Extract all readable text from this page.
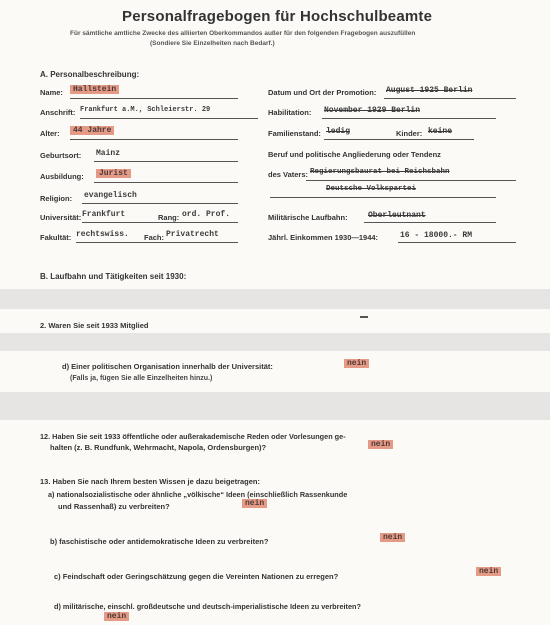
Personalfragebogen für Hochschulbeamte
Für sämtliche amtliche Zwecke des alliierten Oberkommandos außer für den folgenden Fragebogen auszufüllen
(Sondiere Sie Einzelheiten nach Bedarf.)
A. Personalbeschreibung:
Name:	Hallstein
Anschrift: Frankfurt a.M., Schleierstr. 29
Alter:	44 Jahre
Geburtsort: Mainz
Ausbildung:	Jurist
Religion: evangelisch
Universität: Frankfurt	Rang: ord. Prof.
Fakultät: rechtswiss. Fach: Privatrecht
Datum und Ort der Promotion: August 1925 Berlin
Habilitation: November 1929 Berlin
Familienstand: ledig	Kinder: keine
Beruf und politische Angliederung oder Tendenz
des Vaters: Regierungsbaurat bei Reichsbahn
Deutsche Volkspartei
Militärische Laufbahn:	Oberleutnant
Jährl. Einkommen 1930—1944:	16 - 18000.- RM
B. Laufbahn und Tätigkeiten seit 1930:
2. Waren Sie seit 1933 Mitglied
d) Einer politischen Organisation innerhalb der Universität:	nein
(Falls ja, fügen Sie alle Einzelheiten hinzu.)
12. Haben Sie seit 1933 öffentliche oder außerakademische Reden oder Vorlesungen ge-
halten (z. B. Rundfunk, Wehrmacht, Napola, Ordensburgen)?	nein
13. Haben Sie nach Ihrem besten Wissen je dazu beigetragen:
a) nationalsozialistische oder ähnliche „völkische“ Ideen (einschließlich Rassenkunde
und Rassenhaß) zu verbreiten?	nein
b) faschistische oder antidemokratische Ideen zu verbreiten?	nein
c) Feindschaft oder Geringschätzung gegen die Vereinten Nationen zu erregen?
nein
d) militärische, einschl. großdeutsche und deutsch-imperialistische Ideen zu verbreiten?
nein
